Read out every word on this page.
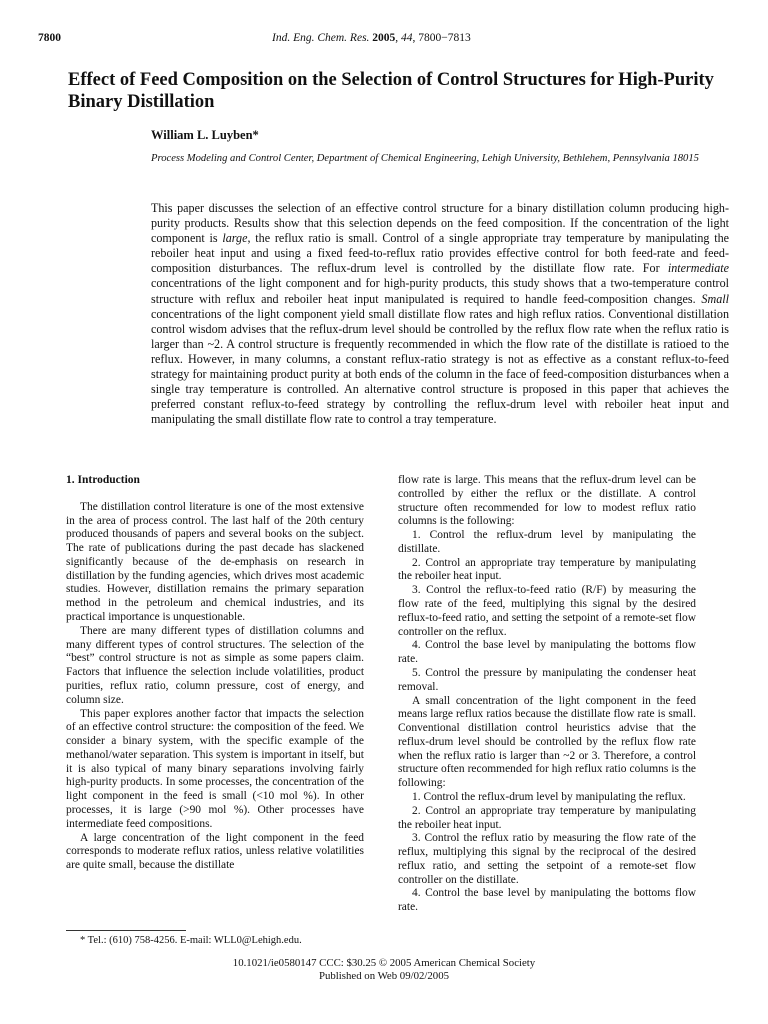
7800	Ind. Eng. Chem. Res. 2005, 44, 7800−7813
Effect of Feed Composition on the Selection of Control Structures for High-Purity Binary Distillation
William L. Luyben*
Process Modeling and Control Center, Department of Chemical Engineering, Lehigh University, Bethlehem, Pennsylvania 18015
This paper discusses the selection of an effective control structure for a binary distillation column producing high-purity products. Results show that this selection depends on the feed composition. If the concentration of the light component is large, the reflux ratio is small. Control of a single appropriate tray temperature by manipulating the reboiler heat input and using a fixed feed-to-reflux ratio provides effective control for both feed-rate and feed-composition disturbances. The reflux-drum level is controlled by the distillate flow rate. For intermediate concentrations of the light component and for high-purity products, this study shows that a two-temperature control structure with reflux and reboiler heat input manipulated is required to handle feed-composition changes. Small concentrations of the light component yield small distillate flow rates and high reflux ratios. Conventional distillation control wisdom advises that the reflux-drum level should be controlled by the reflux flow rate when the reflux ratio is larger than ~2. A control structure is frequently recommended in which the flow rate of the distillate is ratioed to the reflux. However, in many columns, a constant reflux-ratio strategy is not as effective as a constant reflux-to-feed strategy for maintaining product purity at both ends of the column in the face of feed-composition disturbances when a single tray temperature is controlled. An alternative control structure is proposed in this paper that achieves the preferred constant reflux-to-feed strategy by controlling the reflux-drum level with reboiler heat input and manipulating the small distillate flow rate to control a tray temperature.
1. Introduction

The distillation control literature is one of the most extensive in the area of process control. The last half of the 20th century produced thousands of papers and several books on the subject. The rate of publications during the past decade has slackened significantly because of the de-emphasis on research in distillation by the funding agencies, which drives most academic studies. However, distillation remains the primary separation method in the petroleum and chemical industries, and its practical importance is unquestionable.

There are many different types of distillation columns and many different types of control structures. The selection of the “best” control structure is not as simple as some papers claim. Factors that influence the selection include volatilities, product purities, reflux ratio, column pressure, cost of energy, and column size.

This paper explores another factor that impacts the selection of an effective control structure: the composition of the feed. We consider a binary system, with the specific example of the methanol/water separation. This system is important in itself, but it is also typical of many binary separations involving fairly high-purity products. In some processes, the concentration of the light component in the feed is small (<10 mol %). In other processes, it is large (>90 mol %). Other processes have intermediate feed compositions.

A large concentration of the light component in the feed corresponds to moderate reflux ratios, unless relative volatilities are quite small, because the distillate

flow rate is large. This means that the reflux-drum level can be controlled by either the reflux or the distillate. A control structure often recommended for low to modest reflux ratio columns is the following:

1. Control the reflux-drum level by manipulating the distillate.

2. Control an appropriate tray temperature by manipulating the reboiler heat input.

3. Control the reflux-to-feed ratio (R/F) by measuring the flow rate of the feed, multiplying this signal by the desired reflux-to-feed ratio, and setting the setpoint of a remote-set flow controller on the reflux.

4. Control the base level by manipulating the bottoms flow rate.

5. Control the pressure by manipulating the condenser heat removal.

A small concentration of the light component in the feed means large reflux ratios because the distillate flow rate is small. Conventional distillation control heuristics advise that the reflux-drum level should be controlled by the reflux flow rate when the reflux ratio is larger than ~2 or 3. Therefore, a control structure often recommended for high reflux ratio columns is the following:

1. Control the reflux-drum level by manipulating the reflux.

2. Control an appropriate tray temperature by manipulating the reboiler heat input.

3. Control the reflux ratio by measuring the flow rate of the reflux, multiplying this signal by the reciprocal of the desired reflux ratio, and setting the setpoint of a remote-set flow controller on the distillate.

4. Control the base level by manipulating the bottoms flow rate.

* Tel.: (610) 758-4256. E-mail: WLL0@Lehigh.edu.
10.1021/ie0580147 CCC: $30.25 © 2005 American Chemical Society
Published on Web 09/02/2005
